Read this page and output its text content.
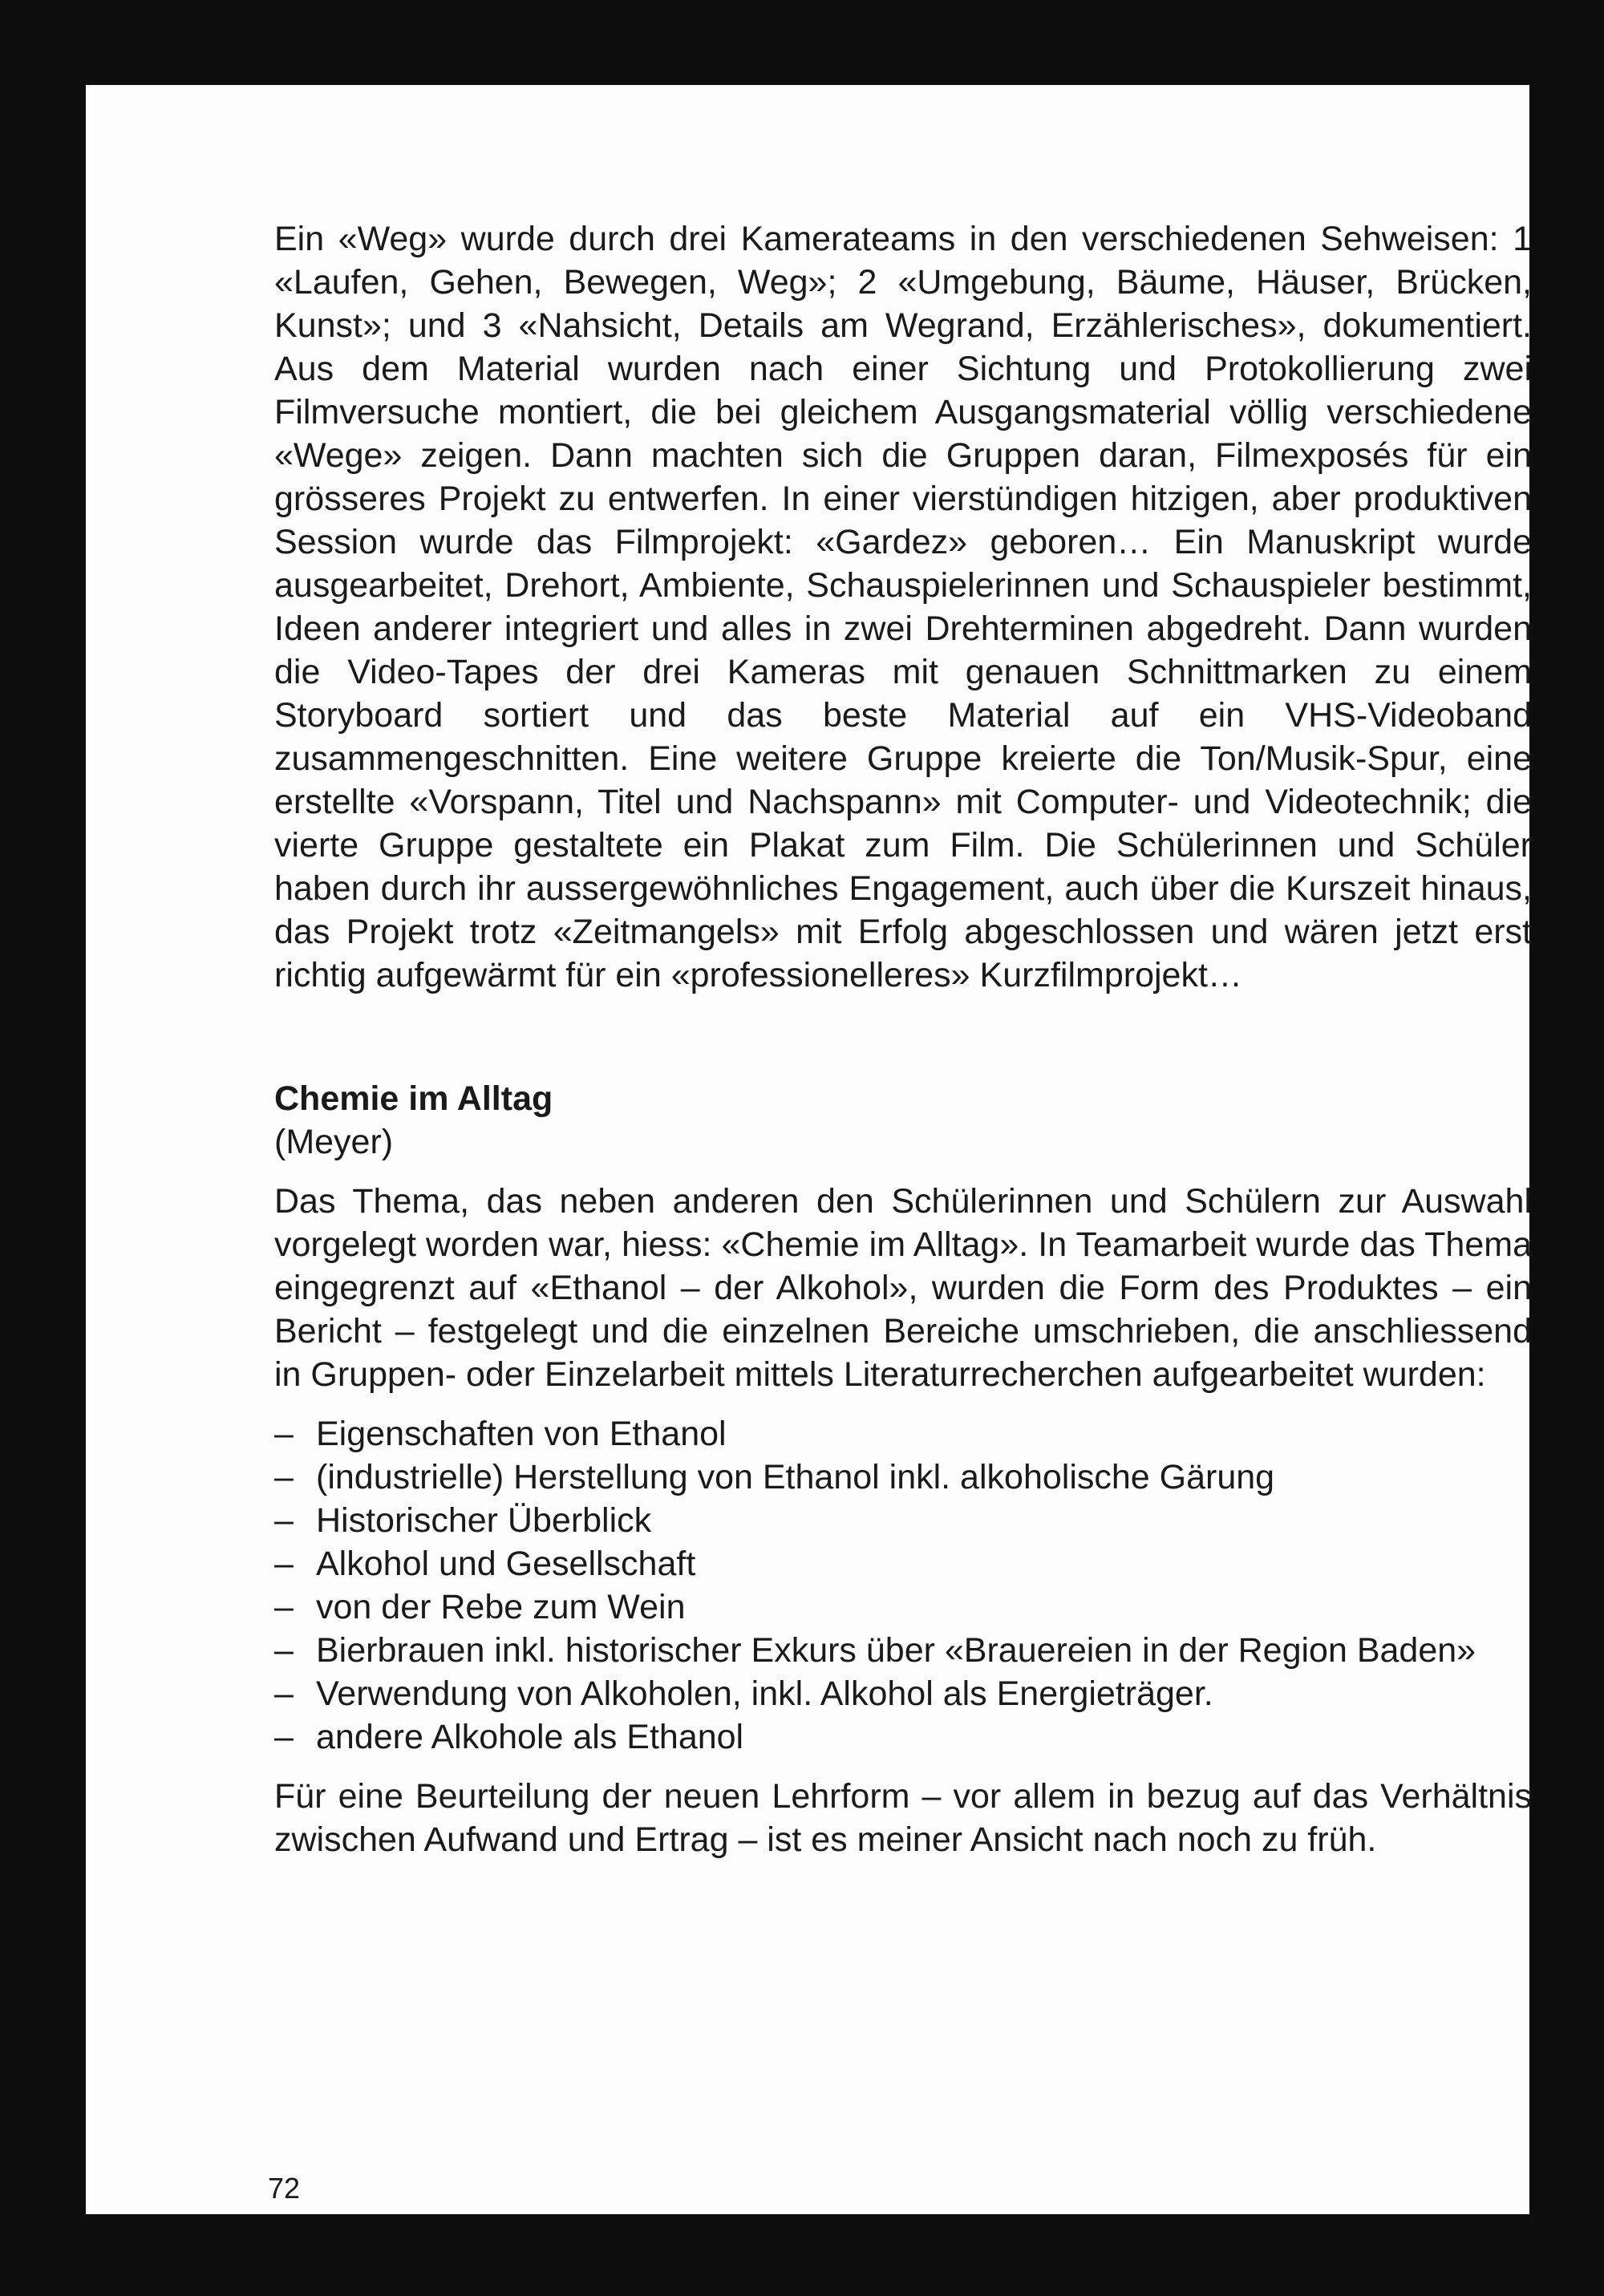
Ein «Weg» wurde durch drei Kamerateams in den verschiedenen Sehweisen: 1 «Laufen, Gehen, Bewegen, Weg»; 2 «Umgebung, Bäume, Häuser, Brücken, Kunst»; und 3 «Nahsicht, Details am Wegrand, Erzählerisches», dokumentiert. Aus dem Material wurden nach einer Sichtung und Protokollierung zwei Filmversuche montiert, die bei gleichem Ausgangsmaterial völlig verschiedene «Wege» zeigen. Dann machten sich die Gruppen daran, Filmexposés für ein grösseres Projekt zu entwerfen. In einer vierstündigen hitzigen, aber produktiven Session wurde das Filmprojekt: «Gardez» geboren… Ein Manuskript wurde ausgearbeitet, Drehort, Ambiente, Schauspielerinnen und Schauspieler bestimmt, Ideen anderer integriert und alles in zwei Drehterminen abgedreht. Dann wurden die Video-Tapes der drei Kameras mit genauen Schnittmarken zu einem Storyboard sortiert und das beste Material auf ein VHS-Videoband zusammengeschnitten. Eine weitere Gruppe kreierte die Ton/Musik-Spur, eine erstellte «Vorspann, Titel und Nachspann» mit Computer- und Videotechnik; die vierte Gruppe gestaltete ein Plakat zum Film. Die Schülerinnen und Schüler haben durch ihr aussergewöhnliches Engagement, auch über die Kurszeit hinaus, das Projekt trotz «Zeitmangels» mit Erfolg abgeschlossen und wären jetzt erst richtig aufgewärmt für ein «professionelleres» Kurzfilmprojekt…

Chemie im Alltag
(Meyer)

Das Thema, das neben anderen den Schülerinnen und Schülern zur Auswahl vorgelegt worden war, hiess: «Chemie im Alltag». In Teamarbeit wurde das Thema eingegrenzt auf «Ethanol – der Alkohol», wurden die Form des Produktes – ein Bericht – festgelegt und die einzelnen Bereiche umschrieben, die anschliessend in Gruppen- oder Einzelarbeit mittels Literaturrecherchen aufgearbeitet wurden:

– Eigenschaften von Ethanol
– (industrielle) Herstellung von Ethanol inkl. alkoholische Gärung
– Historischer Überblick
– Alkohol und Gesellschaft
– von der Rebe zum Wein
– Bierbrauen inkl. historischer Exkurs über «Brauereien in der Region Baden»
– Verwendung von Alkoholen, inkl. Alkohol als Energieträger.
– andere Alkohole als Ethanol

Für eine Beurteilung der neuen Lehrform – vor allem in bezug auf das Verhältnis zwischen Aufwand und Ertrag – ist es meiner Ansicht nach noch zu früh.

72
